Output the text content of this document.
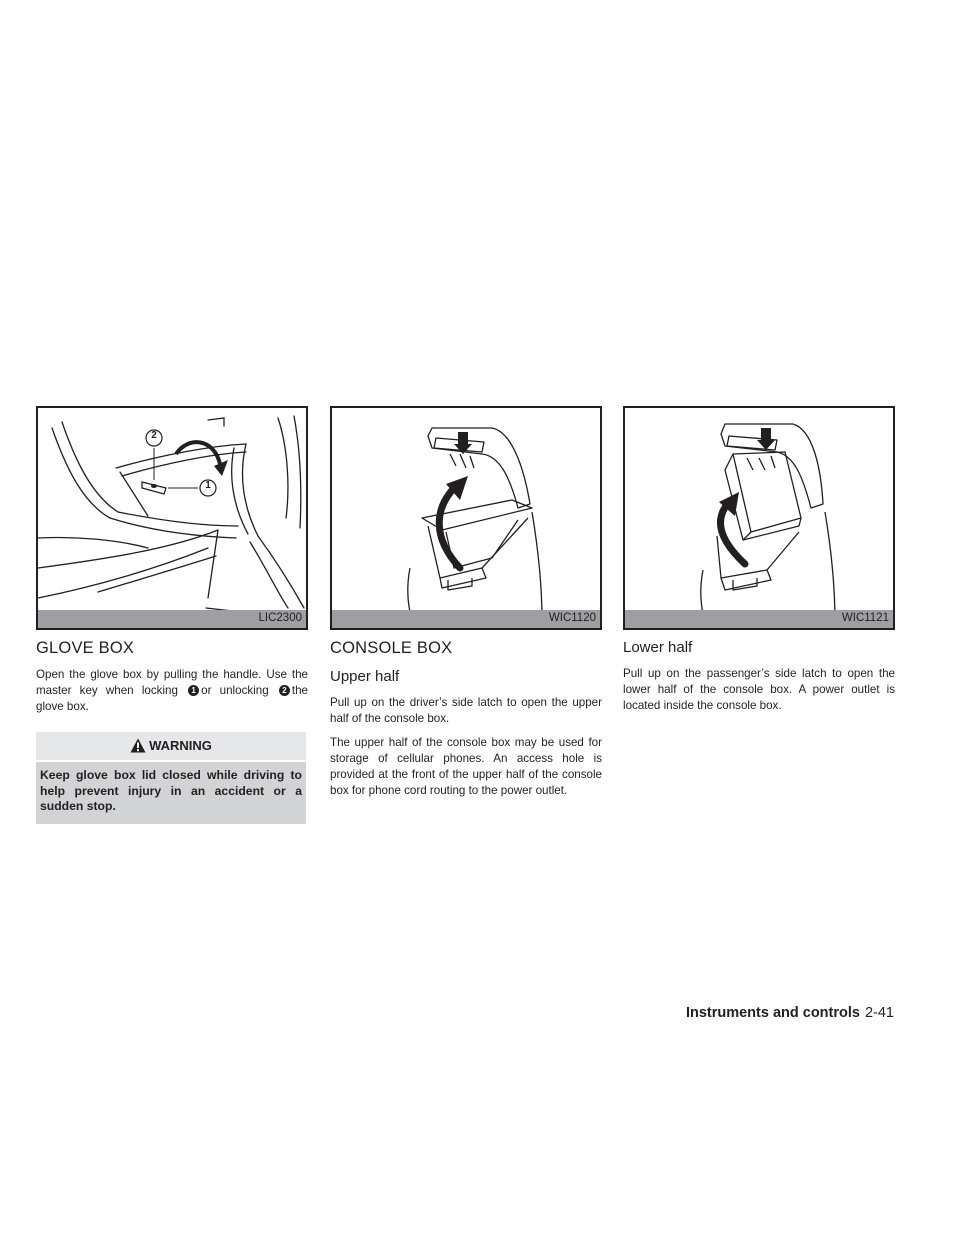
2
1
LIC2300
GLOVE BOX

Open the glove box by pulling the handle. Use the master key when locking 1 or unlocking 2 the glove box.

WARNING
Keep glove box lid closed while driving to help prevent injury in an accident or a sudden stop.
WIC1120
CONSOLE BOX
Upper half

Pull up on the driver’s side latch to open the upper half of the console box.

The upper half of the console box may be used for storage of cellular phones. An access hole is provided at the front of the upper half of the console box for phone cord routing to the power outlet.

WIC1121
Lower half

Pull up on the passenger’s side latch to open the lower half of the console box. A power outlet is located inside the console box.

Instruments and controls 2-41
